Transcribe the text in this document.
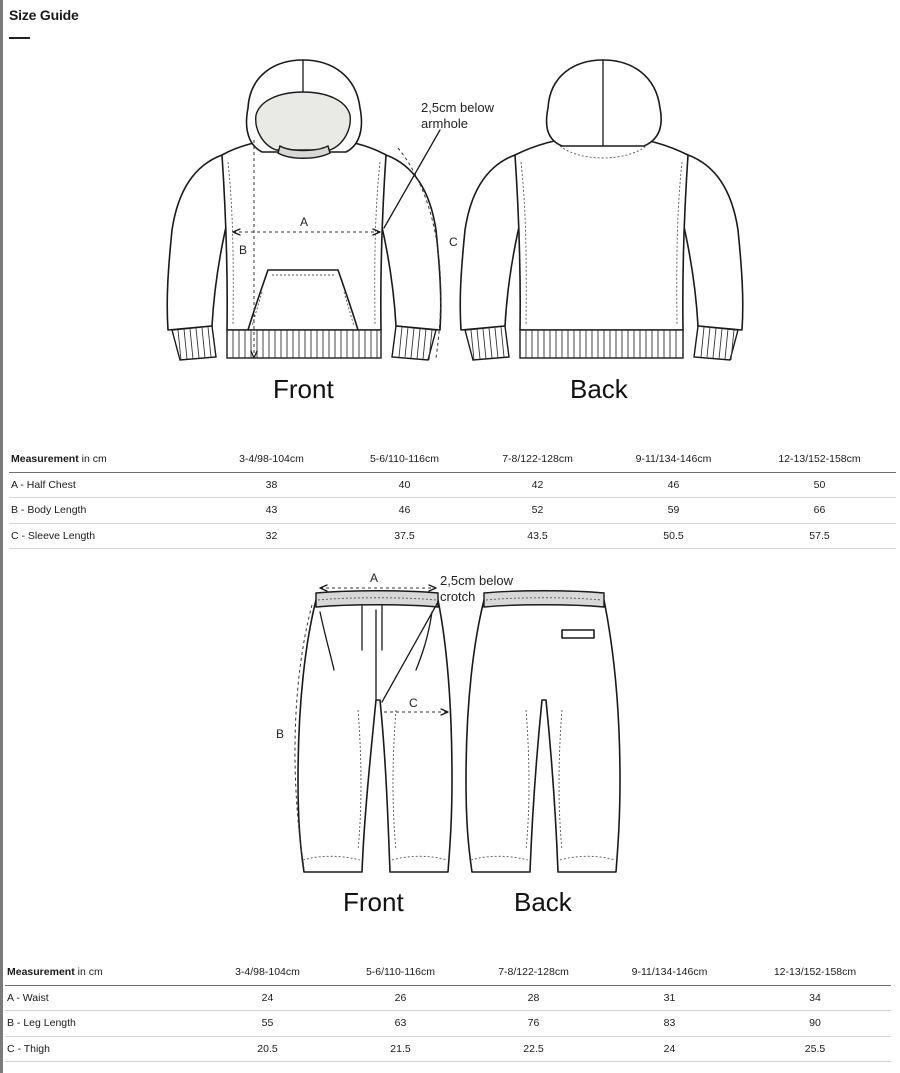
Size Guide
A
B
C
2,5cm below
armhole
Front	Back
Measurement in cm	3-4/98-104cm	5-6/110-116cm	7-8/122-128cm	9-11/134-146cm	12-13/152-158cm
A - Half Chest	38	40	42	46	50
B - Body Length	43	46	52	59	66
C - Sleeve Length	32	37.5	43.5	50.5	57.5
A
B
C
2,5cm below
crotch
Front	Back
Measurement in cm	3-4/98-104cm	5-6/110-116cm	7-8/122-128cm	9-11/134-146cm	12-13/152-158cm
A - Waist	24	26	28	31	34
B - Leg Length	55	63	76	83	90
C - Thigh	20.5	21.5	22.5	24	25.5
